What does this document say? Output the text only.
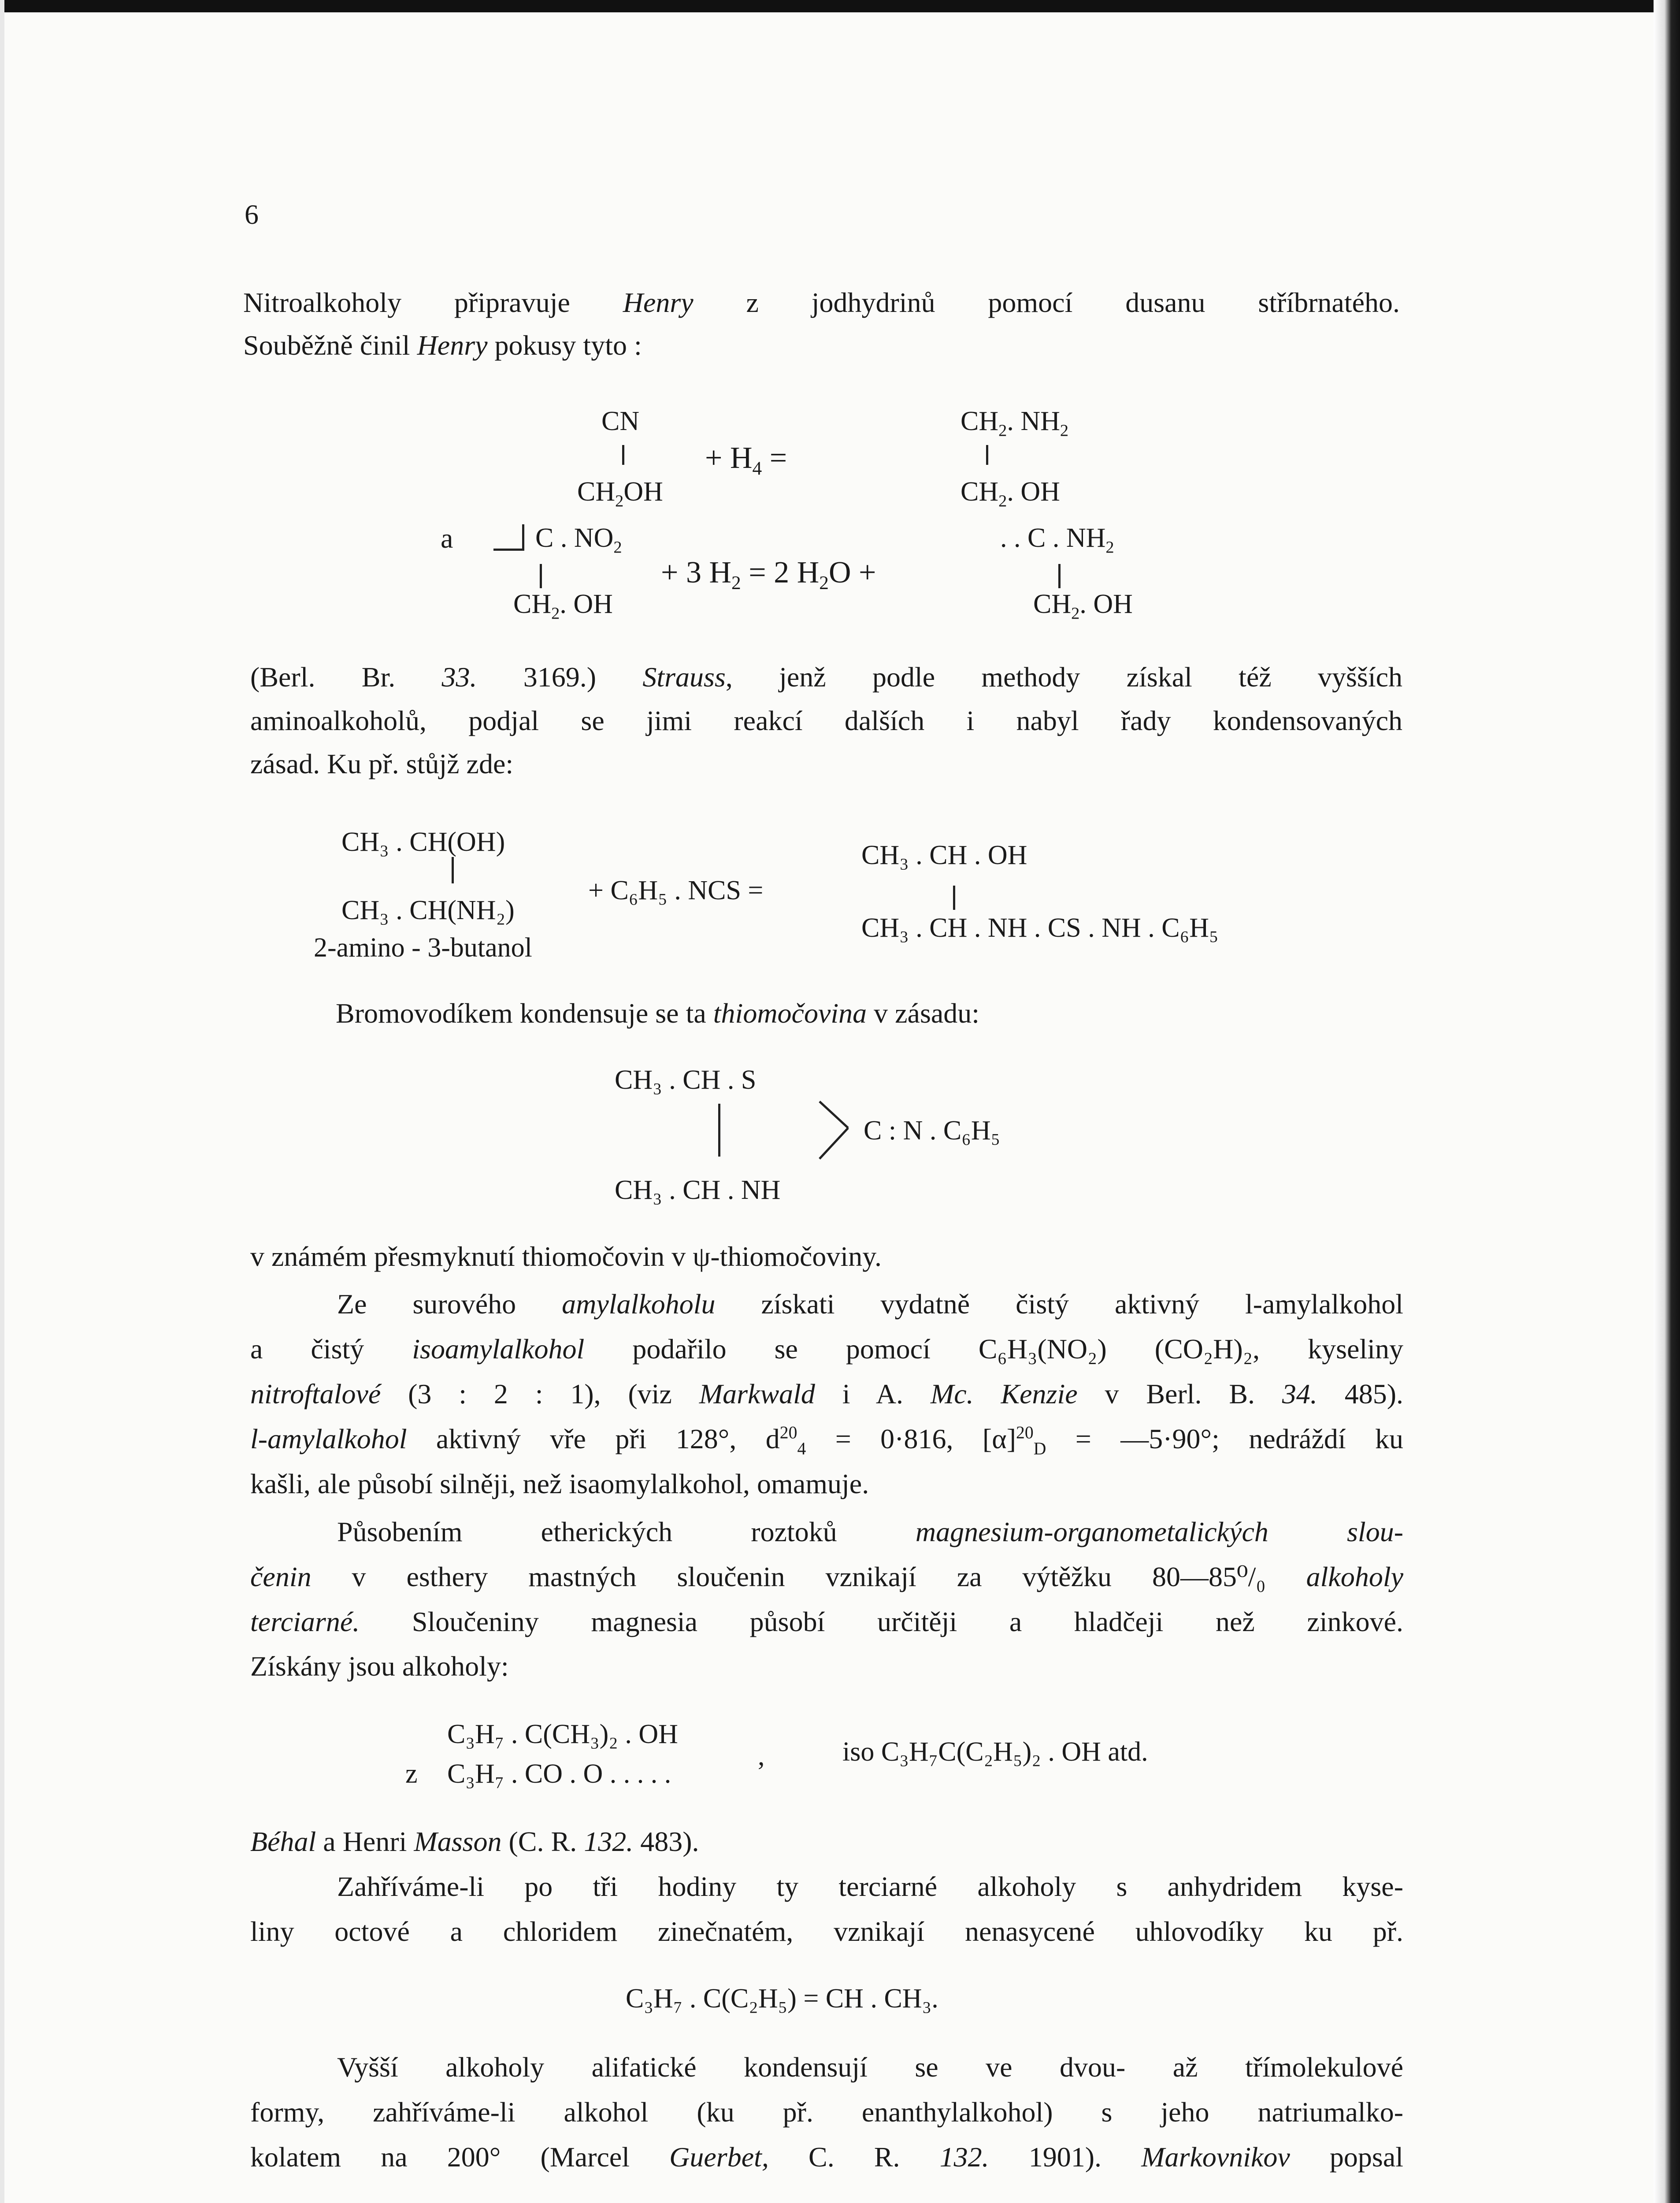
6
Nitroalkoholy připravuje Henry z jodhydrinů pomocí dusanu stříbrnatého.
Souběžně činil Henry pokusy tyto :
CN
$CH_2OH$
+ $H_4$ =
$CH_2$. $NH_2$
$CH_2$. OH
a	C . $NO_2$
$CH_2$. OH
+ 3 $H_2 = 2$ $H_2O$ +
. . C . $NH_2$
$CH_2$. OH
(Berl. Br. 33. 3169.) Strauss, jenž podle methody získal též vyšších
aminoalkoholů, podjal se jimi reakcí dalších i nabyl řady kondensovaných
zásad. Ku př. stůjž zde:
CH₃ . CH(OH)
CH₃ . CH(NH₂)
2-amino - 3-butanol
+ C₆H₅ . NCS =
CH₃ . CH . OH
CH₃ . CH . NH . CS . NH . C₆H₅
Bromovodíkem kondensuje se ta thiomočovina v zásadu:
CH₃ . CH . S
C : N . C₆H₅
CH₃ . CH . NH
v známém přesmyknutí thiomočovin v ψ-thiomočoviny.
Ze surového amylalkoholu získati vydatně čistý aktivný l-amylalkohol
a čistý isoamylalkohol podařilo se pomocí C₆H₃(NO₂) (CO₂H)₂, kyseliny
nitroftalové (3 : 2 : 1), (viz Markwald i A. Mc. Kenzie v Berl. B. 34. 485).
l-amylalkohol aktivný vře při 128°, $d^{20}_4 = 0\cdot 816$, $[\alpha]^{20}_D$ = —5·90°; nedráždí ku
kašli, ale působí silněji, než isaomylalkohol, omamuje.
Působením etherických roztoků magnesium-organometalických slou-
čenin v esthery mastných sloučenin vznikají za výtěžku 80—85⁰/₀ alkoholy
terciarné. Sloučeniny magnesia působí určitěji a hladčeji než zinkové.
Získány jsou alkoholy:
C₃H₇ . C(CH₃)₂ . OH
z C₃H₇ . CO . O . . . . .
,	iso C₃H₇C(C₂H₅)₂ . OH atd.
Béhal a Henri Masson (C. R. 132. 483).
Zahříváme-li po tři hodiny ty terciarné alkoholy s anhydridem kyse-
liny octové a chloridem zinečnatém, vznikají nenasycené uhlovodíky ku př.
C₃H₇ . C(C₂H₅) = CH . CH₃.
Vyšší alkoholy alifatické kondensují se ve dvou- až třímolekulové
formy, zahříváme-li alkohol (ku př. enanthylalkohol) s jeho natriumalko-
kolatem na 200° (Marcel Guerbet, C. R. 132. 1901). Markovnikov popsal
